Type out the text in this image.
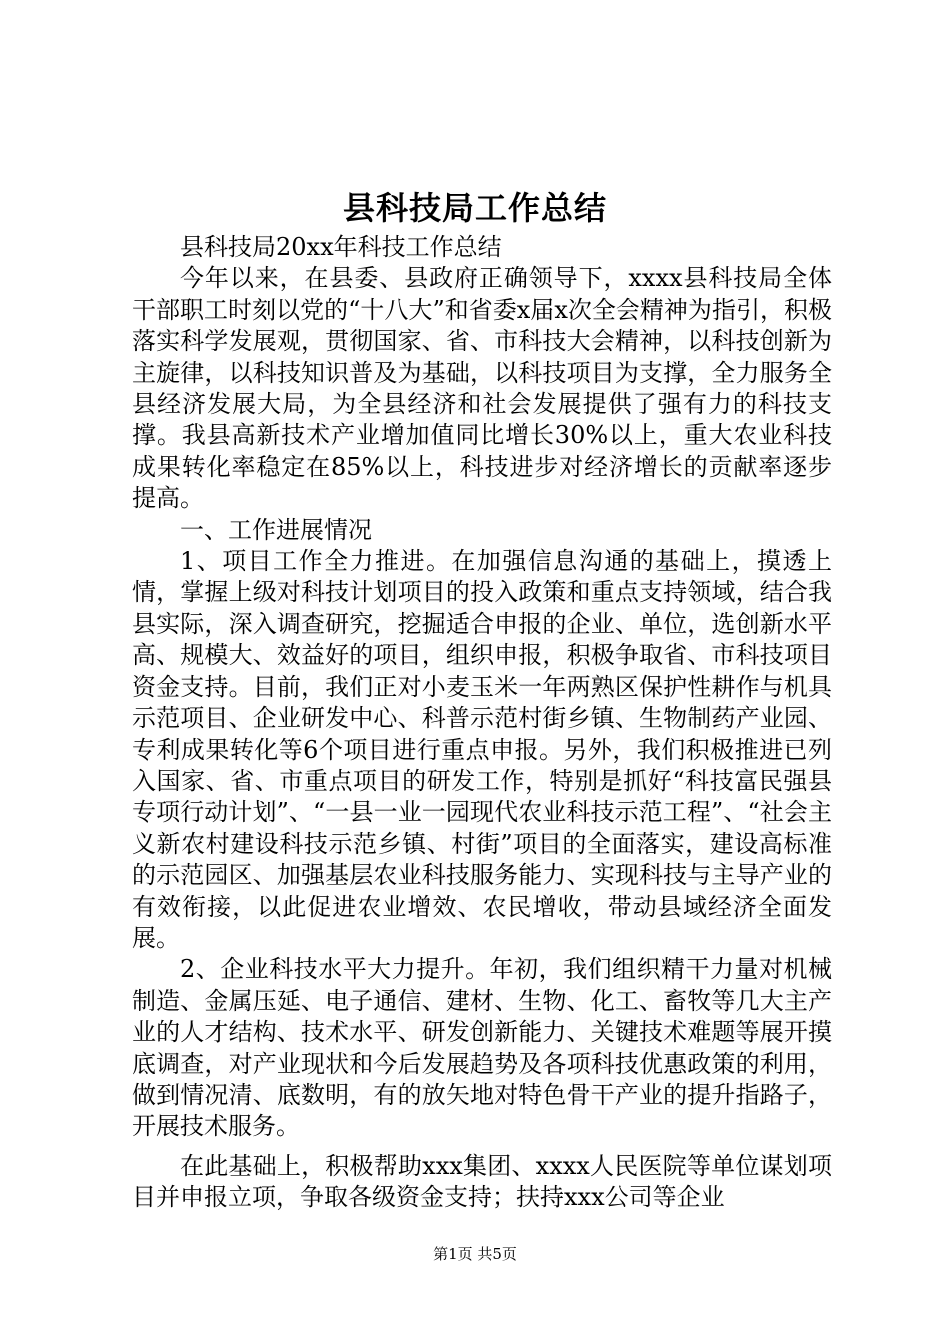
县科技局工作总结

县科技局20xx年科技工作总结

今年以来，在县委、县政府正确领导下，xxxx县科技局全体干部职工时刻以党的“十八大”和省委x届x次全会精神为指引，积极落实科学发展观，贯彻国家、省、市科技大会精神，以科技创新为主旋律，以科技知识普及为基础，以科技项目为支撑，全力服务全县经济发展大局，为全县经济和社会发展提供了强有力的科技支撑。我县高新技术产业增加值同比增长30%以上，重大农业科技成果转化率稳定在85%以上，科技进步对经济增长的贡献率逐步提高。

一、工作进展情况

1、项目工作全力推进。在加强信息沟通的基础上，摸透上情，掌握上级对科技计划项目的投入政策和重点支持领域，结合我县实际，深入调查研究，挖掘适合申报的企业、单位，选创新水平高、规模大、效益好的项目，组织申报，积极争取省、市科技项目资金支持。目前，我们正对小麦玉米一年两熟区保护性耕作与机具示范项目、企业研发中心、科普示范村街乡镇、生物制药产业园、专利成果转化等6个项目进行重点申报。另外，我们积极推进已列入国家、省、市重点项目的研发工作，特别是抓好“科技富民强县专项行动计划”、“一县一业一园现代农业科技示范工程”、“社会主义新农村建设科技示范乡镇、村街”项目的全面落实，建设高标准的示范园区、加强基层农业科技服务能力、实现科技与主导产业的有效衔接，以此促进农业增效、农民增收，带动县域经济全面发展。

2、企业科技水平大力提升。年初，我们组织精干力量对机械制造、金属压延、电子通信、建材、生物、化工、畜牧等几大主产业的人才结构、技术水平、研发创新能力、关键技术难题等展开摸底调查，对产业现状和今后发展趋势及各项科技优惠政策的利用，做到情况清、底数明，有的放矢地对特色骨干产业的提升指路子，开展技术服务。

在此基础上，积极帮助xxx集团、xxxx人民医院等单位谋划项目并申报立项，争取各级资金支持；扶持xxx公司等企业

第1页 共5页
